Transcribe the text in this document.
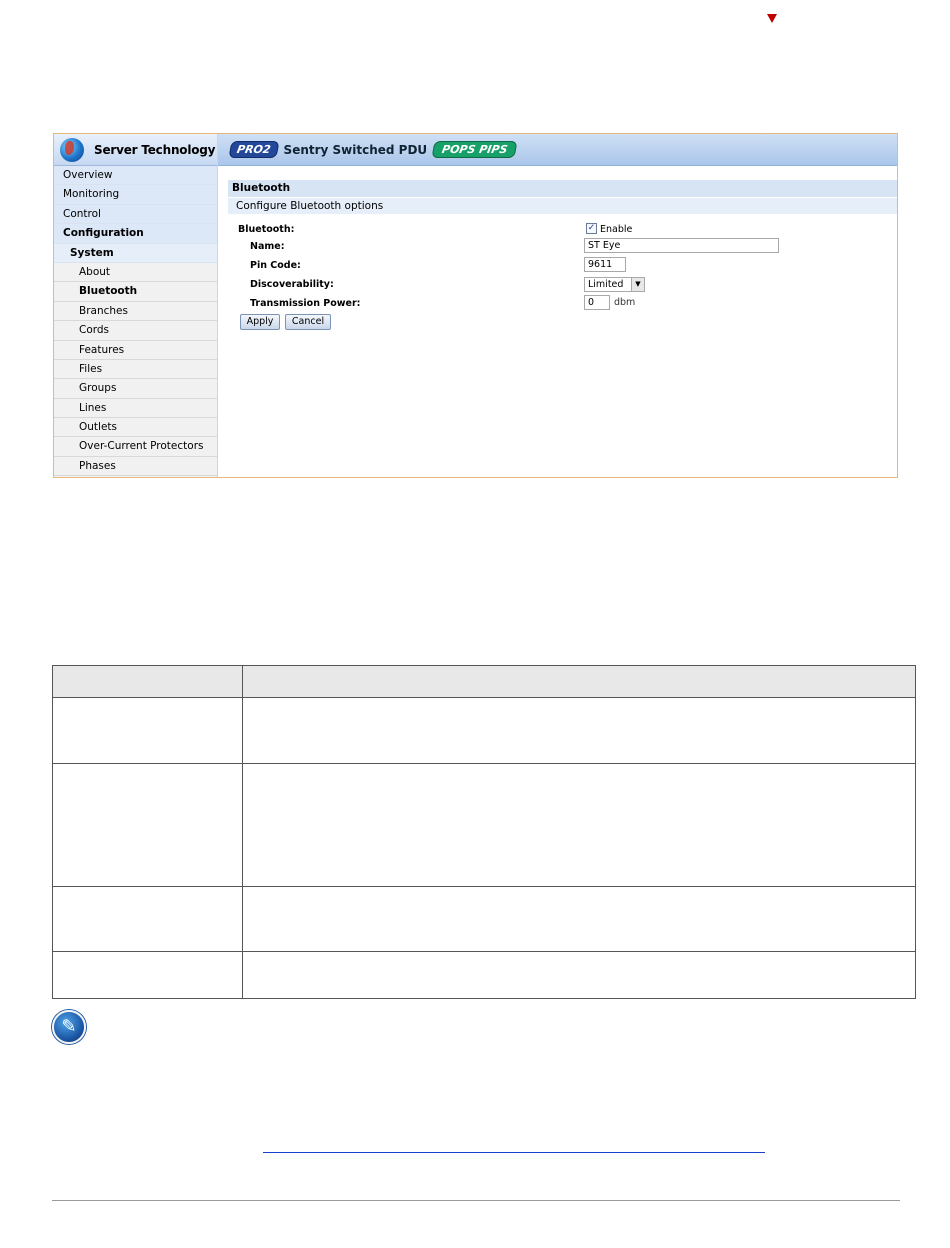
Server Technology
Overview
Monitoring
Control
Configuration
System
About
Bluetooth
Branches
Cords
Features
Files
Groups
Lines
Outlets
Over-Current Protectors
Phases
PRO2 Sentry Switched PDU	POPS PIPS
Bluetooth
Configure Bluetooth options
Bluetooth:	✓ Enable
Name:	ST Eye
Pin Code:	9611
Discoverability:	Limited	▼
Transmission Power:	0	dbm
Apply	Cancel
✎
